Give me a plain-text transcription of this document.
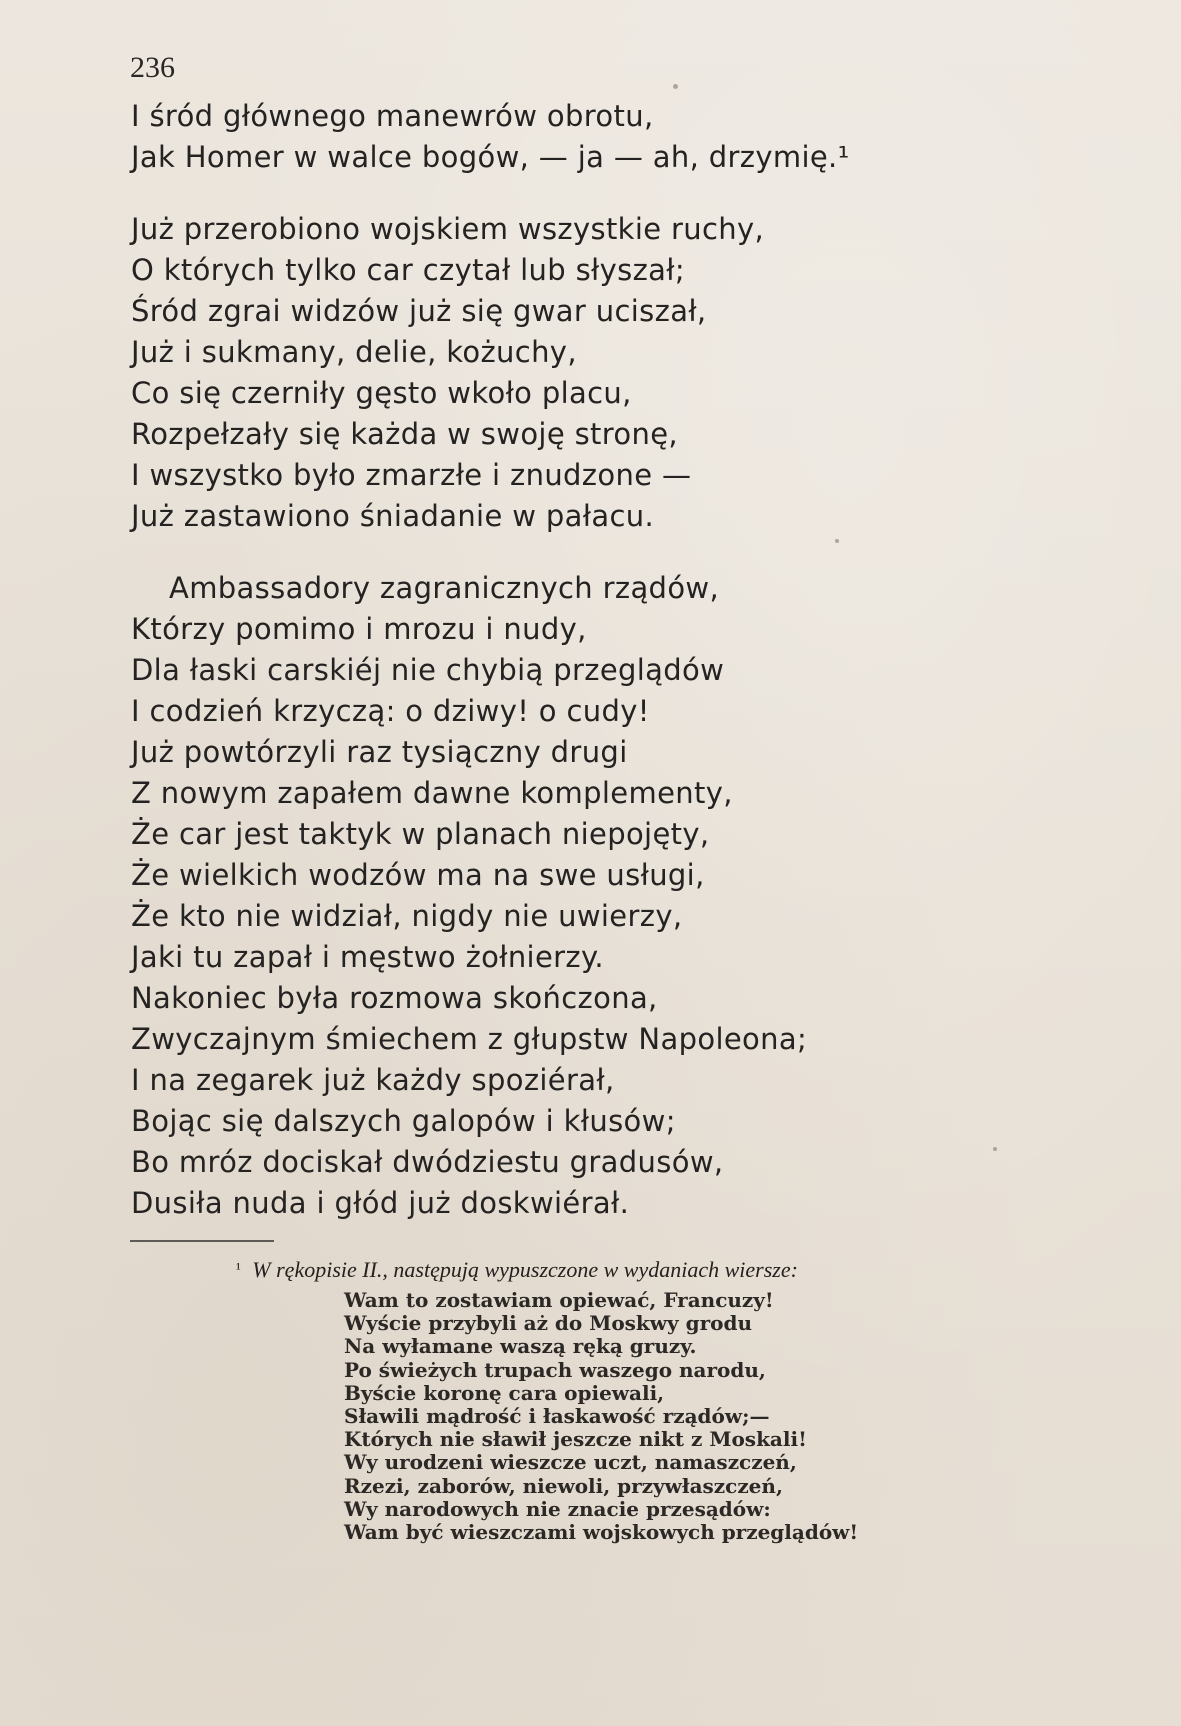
236
I śród głównego manewrów obrotu,
Jak Homer w walce bogów, — ja — ah, drzymię.¹
Już przerobiono wojskiem wszystkie ruchy,
O których tylko car czytał lub słyszał;
Śród zgrai widzów już się gwar uciszał,
Już i sukmany, delie, kożuchy,
Co się czerniły gęsto wkoło placu,
Rozpełzały się każda w swoję stronę,
I wszystko było zmarzłe i znudzone —
Już zastawiono śniadanie w pałacu.
Ambassadory zagranicznych rządów,
Którzy pomimo i mrozu i nudy,
Dla łaski carskiéj nie chybią przeglądów
I codzień krzyczą: o dziwy! o cudy!
Już powtórzyli raz tysiączny drugi
Z nowym zapałem dawne komplementy,
Że car jest taktyk w planach niepojęty,
Że wielkich wodzów ma na swe usługi,
Że kto nie widział, nigdy nie uwierzy,
Jaki tu zapał i męstwo żołnierzy.
Nakoniec była rozmowa skończona,
Zwyczajnym śmiechem z głupstw Napoleona;
I na zegarek już każdy spoziérał,
Bojąc się dalszych galopów i kłusów;
Bo mróz dociskał dwódziestu gradusów,
Dusiła nuda i głód już doskwiérał.
$^{^1}$ W rękopisie II., następują wypuszczone w wydaniach wiersze:
Wam to zostawiam opiewać, Francuzy!
Wyście przybyli aż do Moskwy grodu
Na wyłamane waszą ręką gruzy.
Po świeżych trupach waszego narodu,
Byście koronę cara opiewali,
Sławili mądrość i łaskawość rządów;—
Których nie sławił jeszcze nikt z Moskali!
Wy urodzeni wieszcze uczt, namaszczeń,
Rzezi, zaborów, niewoli, przywłaszczeń,
Wy narodowych nie znacie przesądów:
Wam być wieszczami wojskowych przeglądów!
